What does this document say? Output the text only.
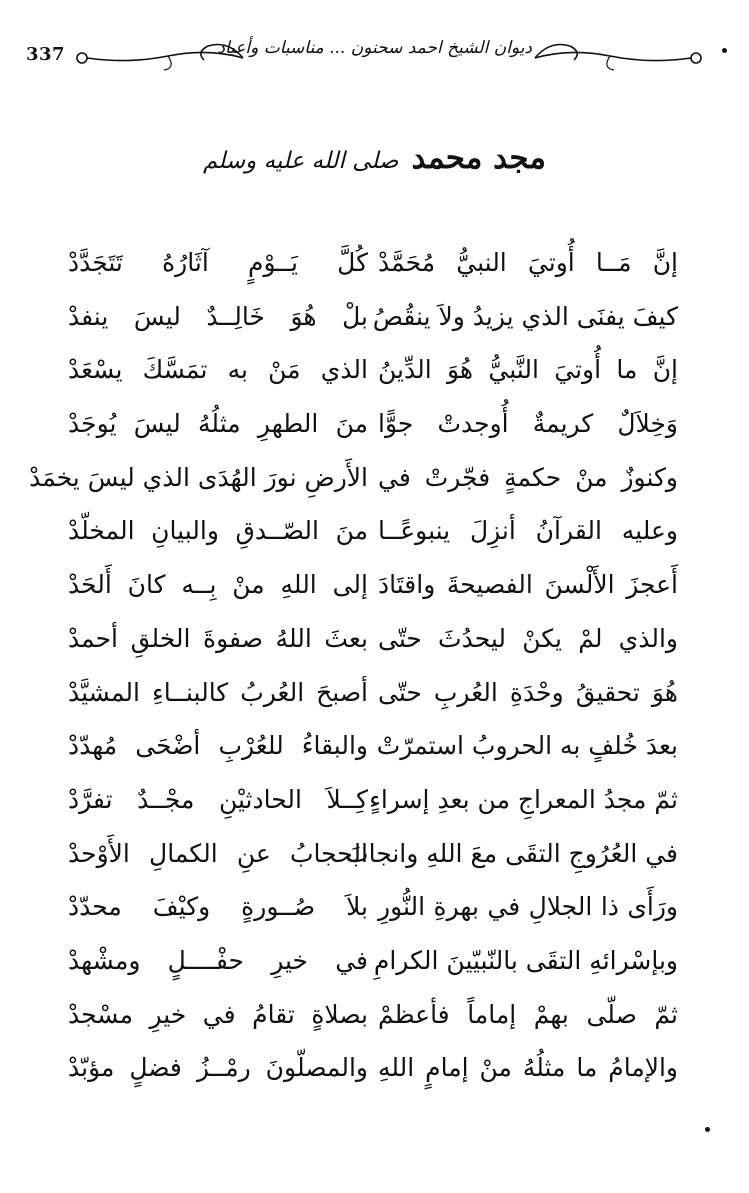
337	ديوان الشيخ احمد سحنون ... مناسبات وأعياد
مجد محمد صلى الله عليه وسلم
إنَّ مَــا أُوتيَ النبيُّ مُحَمَّدْ
كُلَّ يَــوْمٍ آثَارُهُ تَتَجَدَّدْ
كيفَ يفنَى الذي يزيدُ ولاَ ينقُصُ
بلْ هُوَ خَالِــدٌ ليسَ ينفدْ
إنَّ ما أُوتيَ النَّبيُّ هُوَ الدِّينُ
الذي مَنْ به تمَسَّكَ يسْعَدْ
وَخِلاَلٌ كريمةٌ أُوجدتْ جوًّا
منَ الطهرِ مثلُهُ ليسَ يُوجَدْ
وكنوزٌ منْ حكمةٍ فجّرتْ في
الأَرضِ نورَ الهُدَى الذي ليسَ يخمَدْ
وعليه القرآنُ أنزِلَ ينبوعًــا
منَ الصّــدقِ والبيانِ المخلّدْ
أَعجزَ الأَلْسنَ الفصيحةَ واقتَادَ
إلى اللهِ منْ بِــه كانَ أَلحَدْ
والذي لمْ يكنْ ليحدُثَ حتّى
بعثَ اللهُ صفوةَ الخلقِ أحمدْ
هُوَ تحقيقُ وحْدَةِ العُربِ حتّى
أصبحَ العُربُ كالبنــاءِ المشيَّدْ
بعدَ خُلفٍ به الحروبُ استمرّتْ
والبقاءُ للعُرْبِ أضْحَى مُهدّدْ
ثمّ مجدُ المعراجِ من بعدِ إسراءٍ
كِــلاَ الحادثيْنِ مجْــدٌ تفرَّدْ
في العُرُوجِ التقَى معَ اللهِ وانجابَ
الحجابُ عنِ الكمالِ الأَوْحدْ
ورَأَى ذا الجلالِ في بهرةِ النُّورِ
بلاَ صُــورةٍ وكيْفَ محدّدْ
وبإسْرائهِ التقَى بالنّبيّينَ الكرامِ
في خيرِ حفْــــلٍ ومشْهدْ
ثمّ صلّى بهمْ إماماً فأعظمْ
بصلاةٍ تقامُ في خيرِ مسْجدْ
والإمامُ ما مثلُهُ منْ إمامٍ اللهِ
والمصلّونَ رمْــزُ فضلٍ مؤبّدْ
